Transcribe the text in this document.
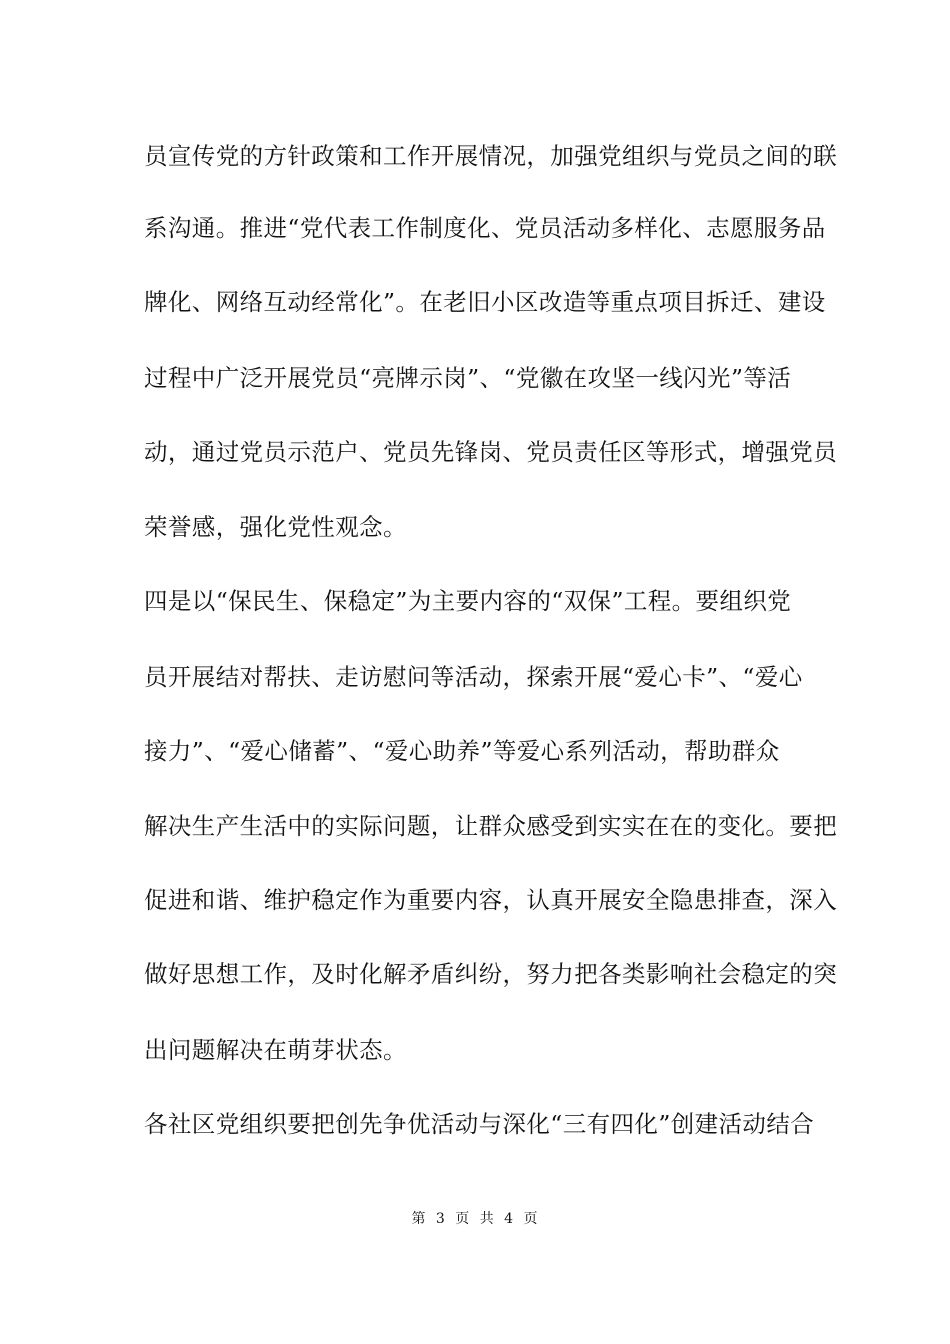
员宣传党的方针政策和工作开展情况，加强党组织与党员之间的联
系沟通。推进“党代表工作制度化、党员活动多样化、志愿服务品
牌化、网络互动经常化”。在老旧小区改造等重点项目拆迁、建设
过程中广泛开展党员“亮牌示岗”、“党徽在攻坚一线闪光”等活
动，通过党员示范户、党员先锋岗、党员责任区等形式，增强党员
荣誉感，强化党性观念。
四是以“保民生、保稳定”为主要内容的“双保”工程。要组织党
员开展结对帮扶、走访慰问等活动，探索开展“爱心卡”、“爱心
接力”、“爱心储蓄”、“爱心助养”等爱心系列活动，帮助群众
解决生产生活中的实际问题，让群众感受到实实在在的变化。要把
促进和谐、维护稳定作为重要内容，认真开展安全隐患排查，深入
做好思想工作，及时化解矛盾纠纷，努力把各类影响社会稳定的突
出问题解决在萌芽状态。
各社区党组织要把创先争优活动与深化“三有四化”创建活动结合
第 3 页 共 4 页
